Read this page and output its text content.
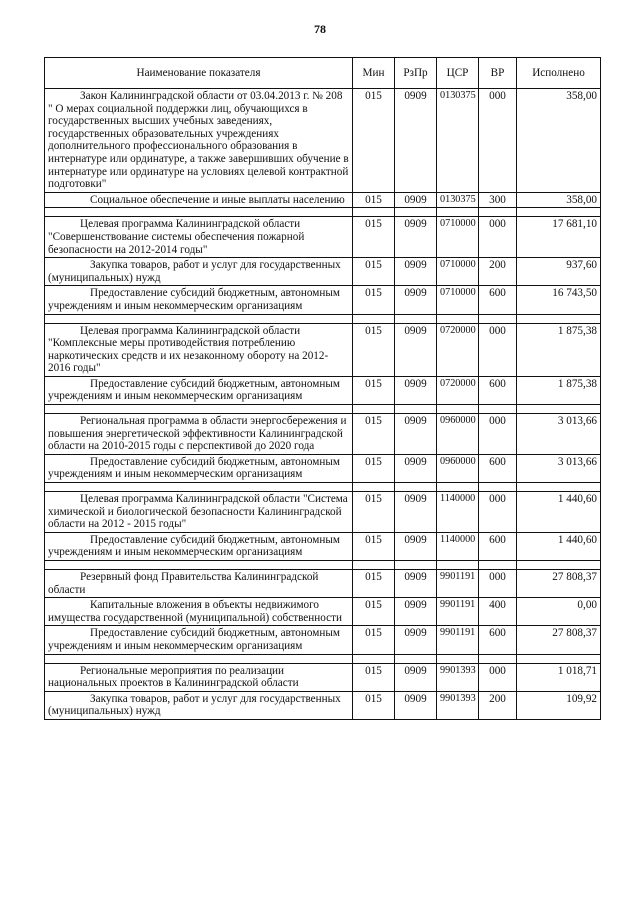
78
Наименование показателя	Мин	РзПр	ЦСР	ВР	Исполнено

Закон Калининградской области от 03.04.2013 г. № 208 " О мерах социальной поддержки лиц, обучающихся в государственных высших учебных заведениях, государственных образовательных учреждениях дополнительного профессионального образования в интернатуре или ординатуре, а также завершивших обучение в интернатуре или ординатуре на условиях целевой контрактной подготовки"	015	0909	0130375	000	358,00

Социальное обеспечение и иные выплаты населению	015	0909	0130375	300	358,00

Целевая программа Калининградской области "Совершенствование системы обеспечения пожарной безопасности на 2012-2014 годы"	015	0909	0710000	000	17 681,10

Закупка товаров, работ и услуг для государственных (муниципальных) нужд	015	0909	0710000	200	937,60

Предоставление субсидий бюджетным, автономным учреждениям и иным некоммерческим организациям	015	0909	0710000	600	16 743,50

Целевая программа Калининградской области "Комплексные меры противодействия потреблению наркотических средств и их незаконному обороту на 2012-2016 годы"	015	0909	0720000	000	1 875,38

Предоставление субсидий бюджетным, автономным учреждениям и иным некоммерческим организациям	015	0909	0720000	600	1 875,38

Региональная программа в области энергосбережения и повышения энергетической эффективности Калининградской области на 2010-2015 годы с перспективой до 2020 года	015	0909	0960000	000	3 013,66

Предоставление субсидий бюджетным, автономным учреждениям и иным некоммерческим организациям	015	0909	0960000	600	3 013,66

Целевая программа Калининградской области "Система химической и биологической безопасности Калининградской области на 2012 - 2015 годы"	015	0909	1140000	000	1 440,60

Предоставление субсидий бюджетным, автономным учреждениям и иным некоммерческим организациям	015	0909	1140000	600	1 440,60

Резервный фонд Правительства Калининградской области	015	0909	9901191	000	27 808,37

Капитальные вложения в объекты недвижимого имущества государственной (муниципальной) собственности	015	0909	9901191	400	0,00

Предоставление субсидий бюджетным, автономным учреждениям и иным некоммерческим организациям	015	0909	9901191	600	27 808,37

Региональные мероприятия по реализации национальных проектов в Калининградской области	015	0909	9901393	000	1 018,71

Закупка товаров, работ и услуг для государственных (муниципальных) нужд	015	0909	9901393	200	109,92
